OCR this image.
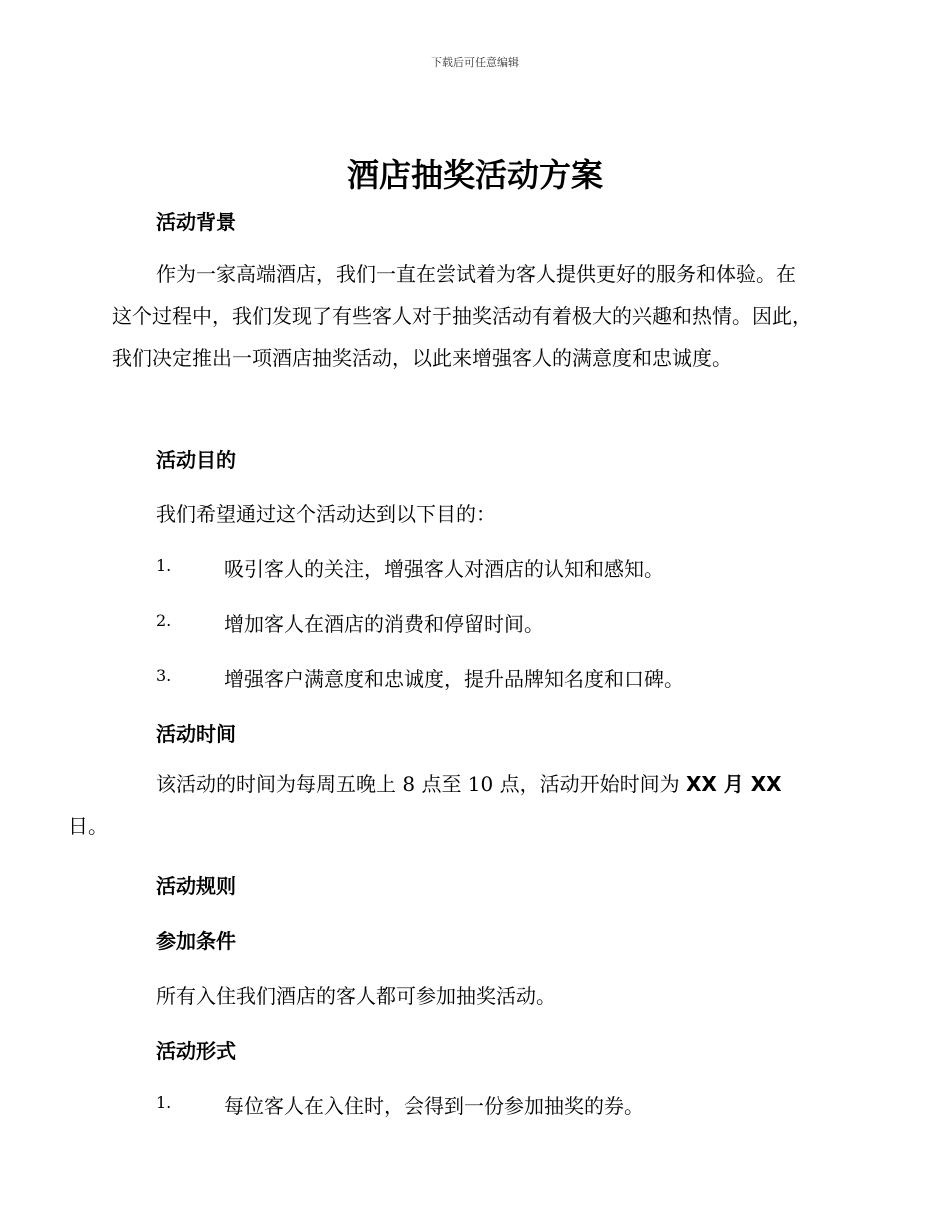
下载后可任意编辑
酒店抽奖活动方案
活动背景

作为一家高端酒店，我们一直在尝试着为客人提供更好的服务和体验。在这个过程中，我们发现了有些客人对于抽奖活动有着极大的兴趣和热情。因此，我们决定推出一项酒店抽奖活动，以此来增强客人的满意度和忠诚度。

活动目的

我们希望通过这个活动达到以下目的：

1.	吸引客人的关注，增强客人对酒店的认知和感知。
2.	增加客人在酒店的消费和停留时间。
3.	增强客户满意度和忠诚度，提升品牌知名度和口碑。
活动时间

该活动的时间为每周五晚上 8 点至 10 点，活动开始时间为 XX 月 XX
日。

活动规则
参加条件

所有入住我们酒店的客人都可参加抽奖活动。

活动形式
1.	每位客人在入住时，会得到一份参加抽奖的券。
